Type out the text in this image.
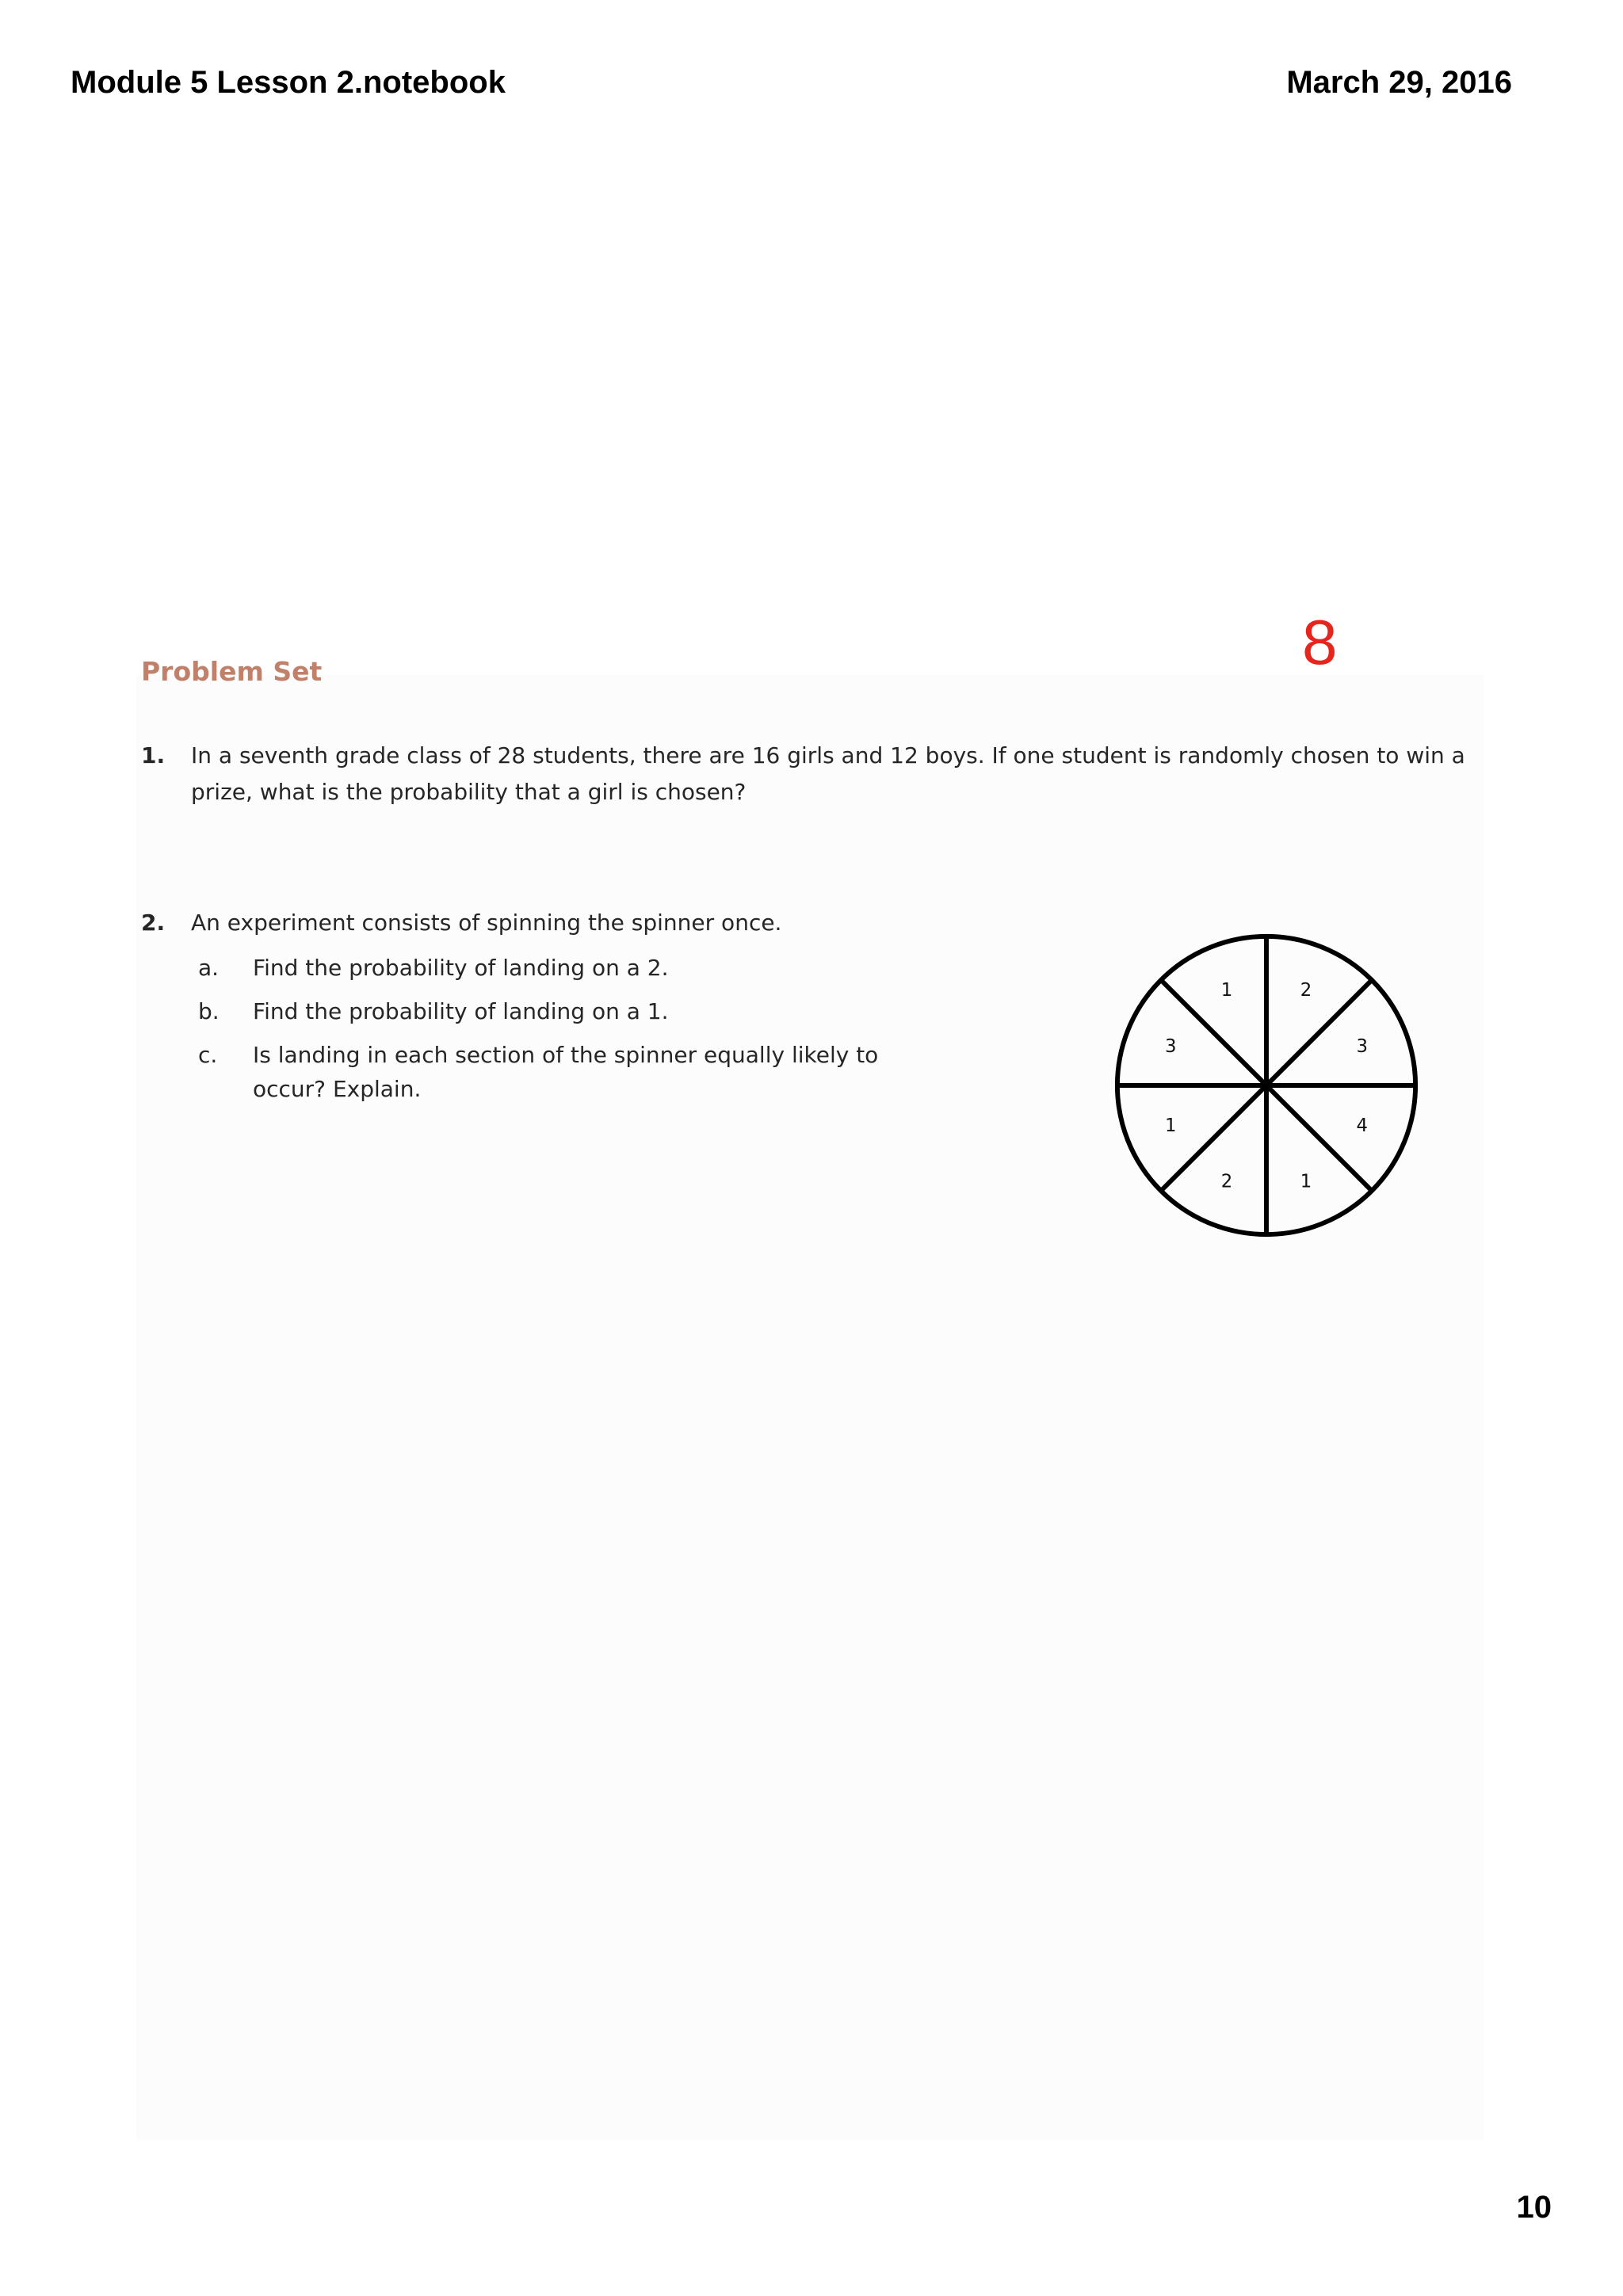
Module 5 Lesson 2.notebook	March 29, 2016
8
Problem Set
1. In a seventh grade class of 28 students, there are 16 girls and 12 boys. If one student is randomly chosen to win a
prize, what is the probability that a girl is chosen?
2. An experiment consists of spinning the spinner once.
a. Find the probability of landing on a 2.
b. Find the probability of landing on a 1.
c. Is landing in each section of the spinner equally likely to
occur? Explain.
2
3
4
1
2
1
3
1
10
